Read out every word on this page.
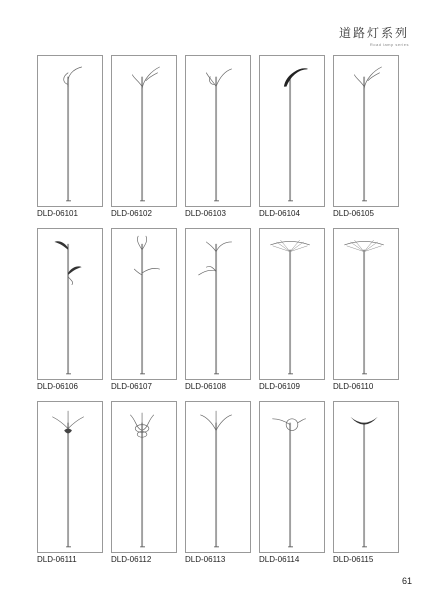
道路灯系列
Road lamp series
DLD-06101	DLD-06102	DLD-06103	DLD-06104	DLD-06105
DLD-06106	DLD-06107	DLD-06108	DLD-06109	DLD-06110
DLD-06111	DLD-06112	DLD-06113	DLD-06114	DLD-06115
61
